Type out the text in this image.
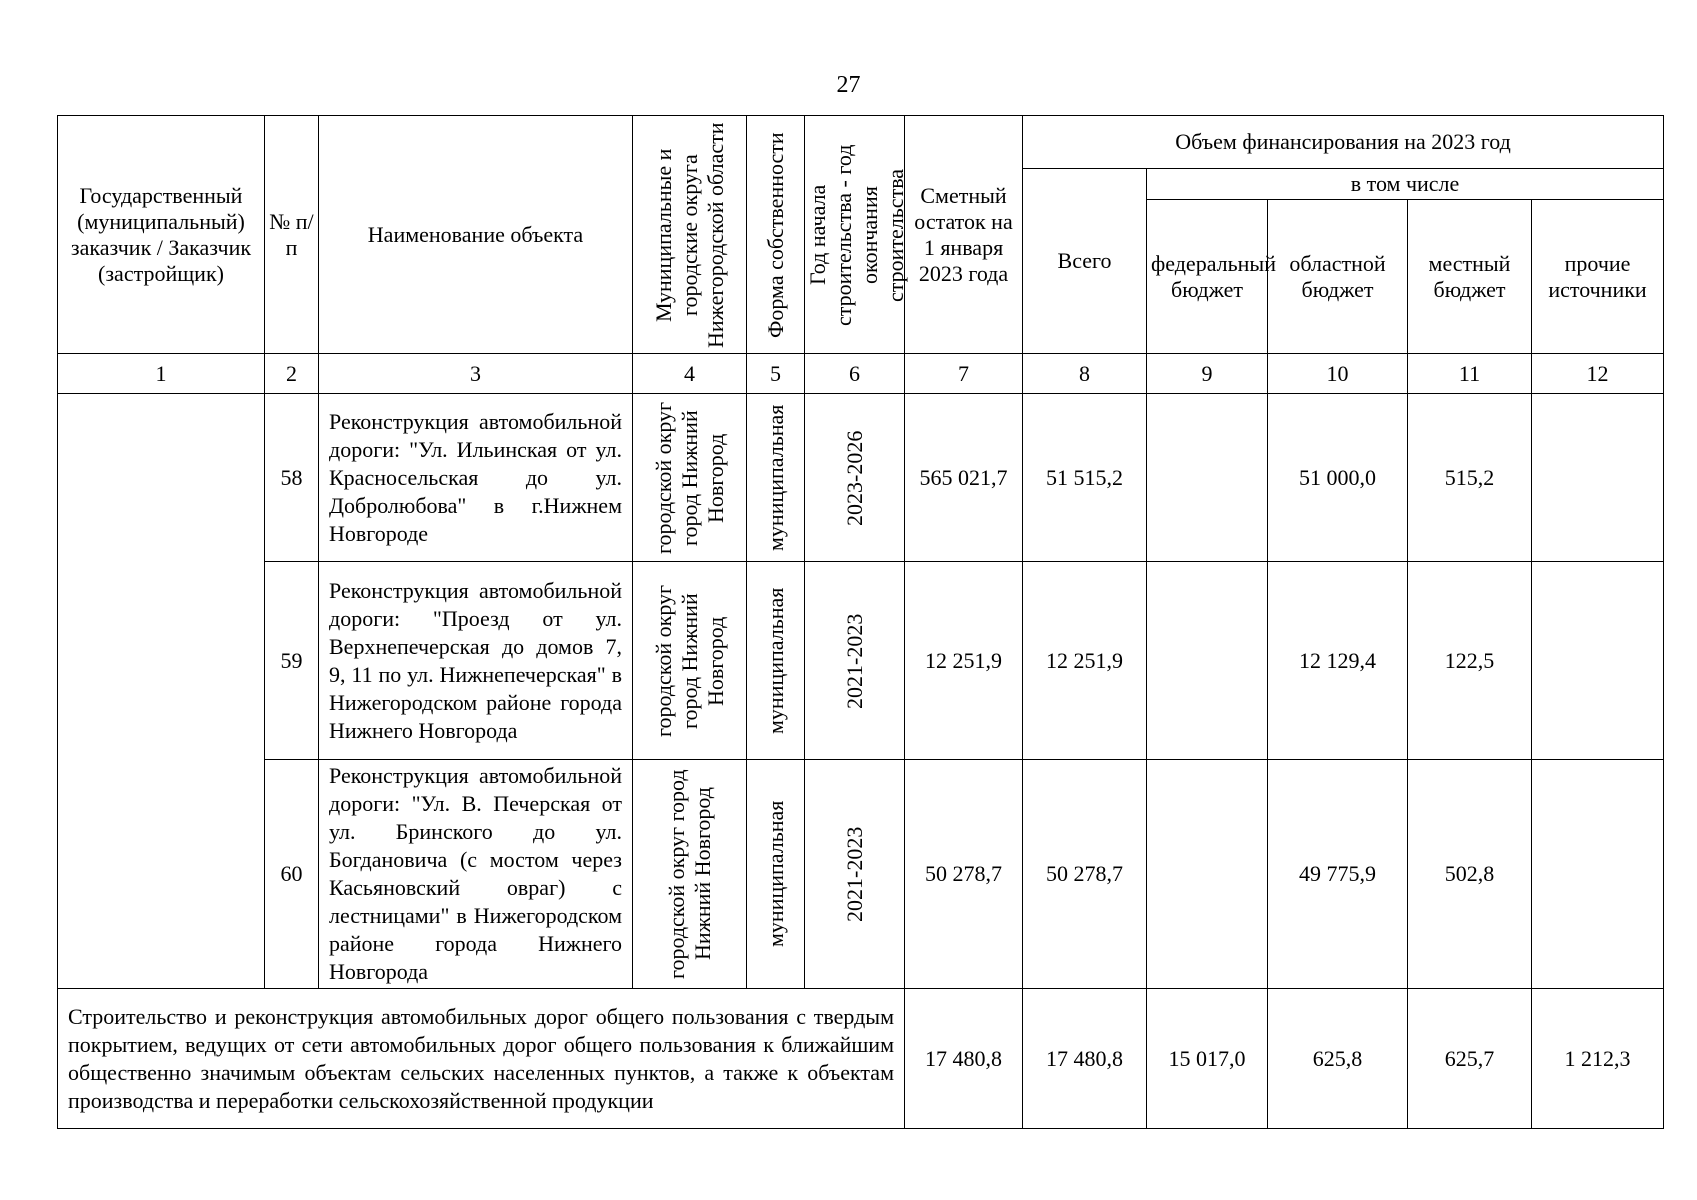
27
Государственный (муниципальный) заказчик / Заказчик (застройщик)	№ п/п	Наименование объекта	Муниципальные и городские округа Нижегородской области	Форма собственности	Год начала строительства - год окончания строительства	Сметный остаток на 1 января 2023 года	Объем финансирования на 2023 год				
							Всего	в том числе			
								федеральный бюджет	областной бюджет	местный бюджет	прочие источники
1	2	3	4	5	6	7	8	9	10	11	12
	58	Реконструкция автомобильной дороги: "Ул. Ильинская от ул. Красносельская до ул. Добролюбова" в г.Нижнем Новгороде	городской округ город Нижний Новгород	муниципальная	2023-2026	565 021,7	51 515,2		51 000,0	515,2	
	59	Реконструкция автомобильной дороги: "Проезд от ул. Верхнепечерская до домов 7, 9, 11 по ул. Нижнепечерская" в Нижегородском районе города Нижнего Новгорода	городской округ город Нижний Новгород	муниципальная	2021-2023	12 251,9	12 251,9		12 129,4	122,5	
	60	Реконструкция автомобильной дороги: "Ул. В. Печерская от ул. Бринского до ул. Богдановича (с мостом через Касьяновский овраг) с лестницами" в Нижегородском районе города Нижнего Новгорода	городской округ город Нижний Новгород	муниципальная	2021-2023	50 278,7	50 278,7		49 775,9	502,8	

Строительство и реконструкция автомобильных дорог общего пользования с твердым покрытием, ведущих от сети автомобильных дорог общего пользования к ближайшим общественно значимым объектам сельских населенных пунктов, а также к объектам производства и переработки сельскохозяйственной продукции						17 480,8	17 480,8	15 017,0	625,8	625,7	1 212,3
